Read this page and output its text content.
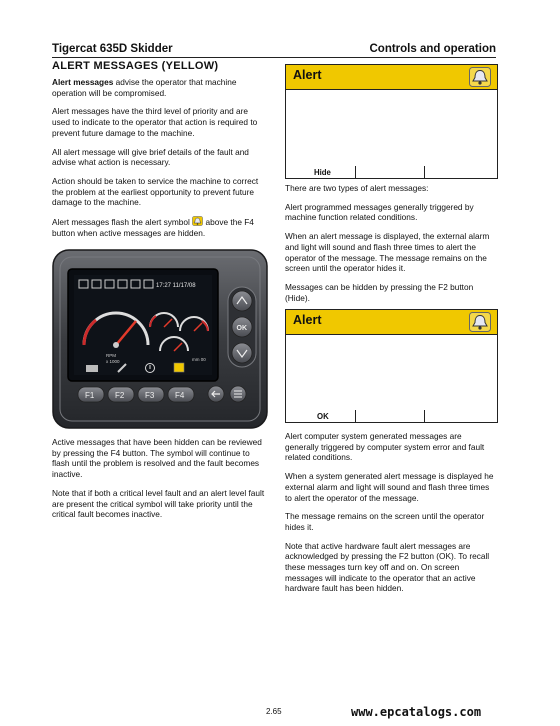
Tigercat 635D Skidder	Controls and operation
ALERT MESSAGES (YELLOW)

Alert messages advise the operator that machine operation will be compromised.

Alert messages have the third level of priority and are used to indicate to the operator that action is required to prevent future damage to the machine.

All alert message will give brief details of the fault and advise what action is necessary.

Action should be taken to service the machine to correct the problem at the earliest opportunity to prevent future damage to the machine.

Alert messages flash the alert symbol  above the F4 button when active messages are hidden.

17:27 11/17/08
RPM
x 1000	mm 00
OK
F1	F2	F3	F4

Active messages that have been hidden can be reviewed by pressing the F4 button. The symbol will continue to flash until the problem is resolved and the fault becomes inactive.

Note that if both a critical level fault and an alert level fault are present the critical symbol will take priority until the critical fault becomes inactive.

Alert
Hide

There are two types of alert messages:

Alert programmed messages generally triggered by machine function related conditions.

When an alert message is displayed, the external alarm and light will sound and flash three times to alert the operator of the message. The message remains on the screen until the operator hides it.

Messages can be hidden by pressing the F2 button (Hide).

Alert
OK

Alert computer system generated messages are generally triggered by computer system error and fault related conditions.

When a system generated alert message is displayed he external alarm and light will sound and flash three times to alert the operator of the message.

The message remains on the screen until the operator hides it.

Note that active hardware fault alert messages are acknowledged by pressing the F2 button (OK). To recall these messages turn key off and on. On screen messages will indicate to the operator that an active hardware fault has been hidden.

2.65	www.epcatalogs.com
